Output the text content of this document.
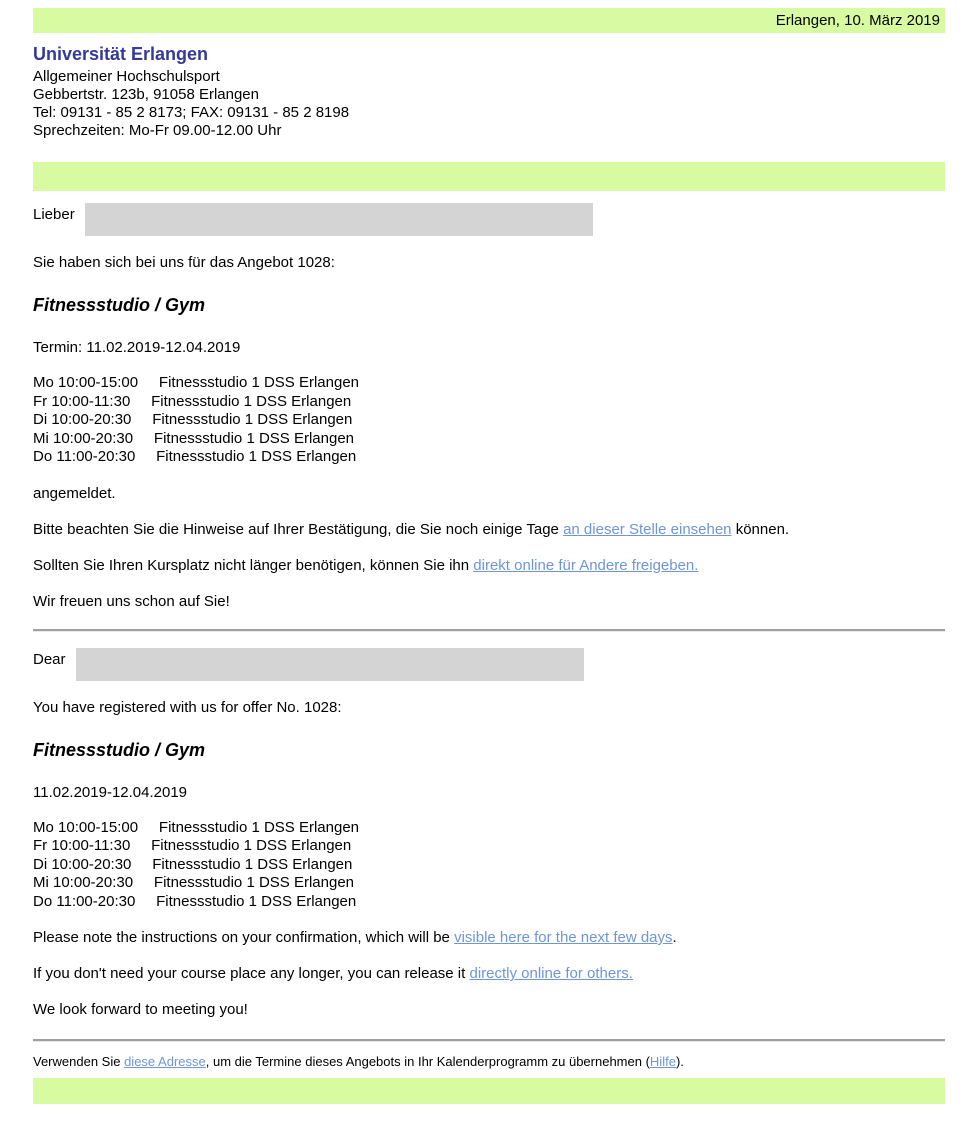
Erlangen, 10. März 2019
Universität Erlangen

Allgemeiner Hochschulsport

Gebbertstr. 123b, 91058 Erlangen

Tel: 09131 - 85 2 8173; FAX: 09131 - 85 2 8198

Sprechzeiten: Mo-Fr 09.00-12.00 Uhr

Lieber

Sie haben sich bei uns für das Angebot 1028:

Fitnessstudio / Gym

Termin: 11.02.2019-12.04.2019

Mo 10:00-15:00     Fitnessstudio 1 DSS Erlangen
Fr 10:00-11:30     Fitnessstudio 1 DSS Erlangen
Di 10:00-20:30     Fitnessstudio 1 DSS Erlangen
Mi 10:00-20:30     Fitnessstudio 1 DSS Erlangen
Do 11:00-20:30     Fitnessstudio 1 DSS Erlangen

angemeldet.

Bitte beachten Sie die Hinweise auf Ihrer Bestätigung, die Sie noch einige Tage an dieser Stelle einsehen können.

Sollten Sie Ihren Kursplatz nicht länger benötigen, können Sie ihn direkt online für Andere freigeben.

Wir freuen uns schon auf Sie!

Dear

You have registered with us for offer No. 1028:

Fitnessstudio / Gym

11.02.2019-12.04.2019

Mo 10:00-15:00     Fitnessstudio 1 DSS Erlangen
Fr 10:00-11:30     Fitnessstudio 1 DSS Erlangen
Di 10:00-20:30     Fitnessstudio 1 DSS Erlangen
Mi 10:00-20:30     Fitnessstudio 1 DSS Erlangen
Do 11:00-20:30     Fitnessstudio 1 DSS Erlangen

Please note the instructions on your confirmation, which will be visible here for the next few days.

If you don't need your course place any longer, you can release it directly online for others.

We look forward to meeting you!

Verwenden Sie diese Adresse, um die Termine dieses Angebots in Ihr Kalenderprogramm zu übernehmen (Hilfe).
